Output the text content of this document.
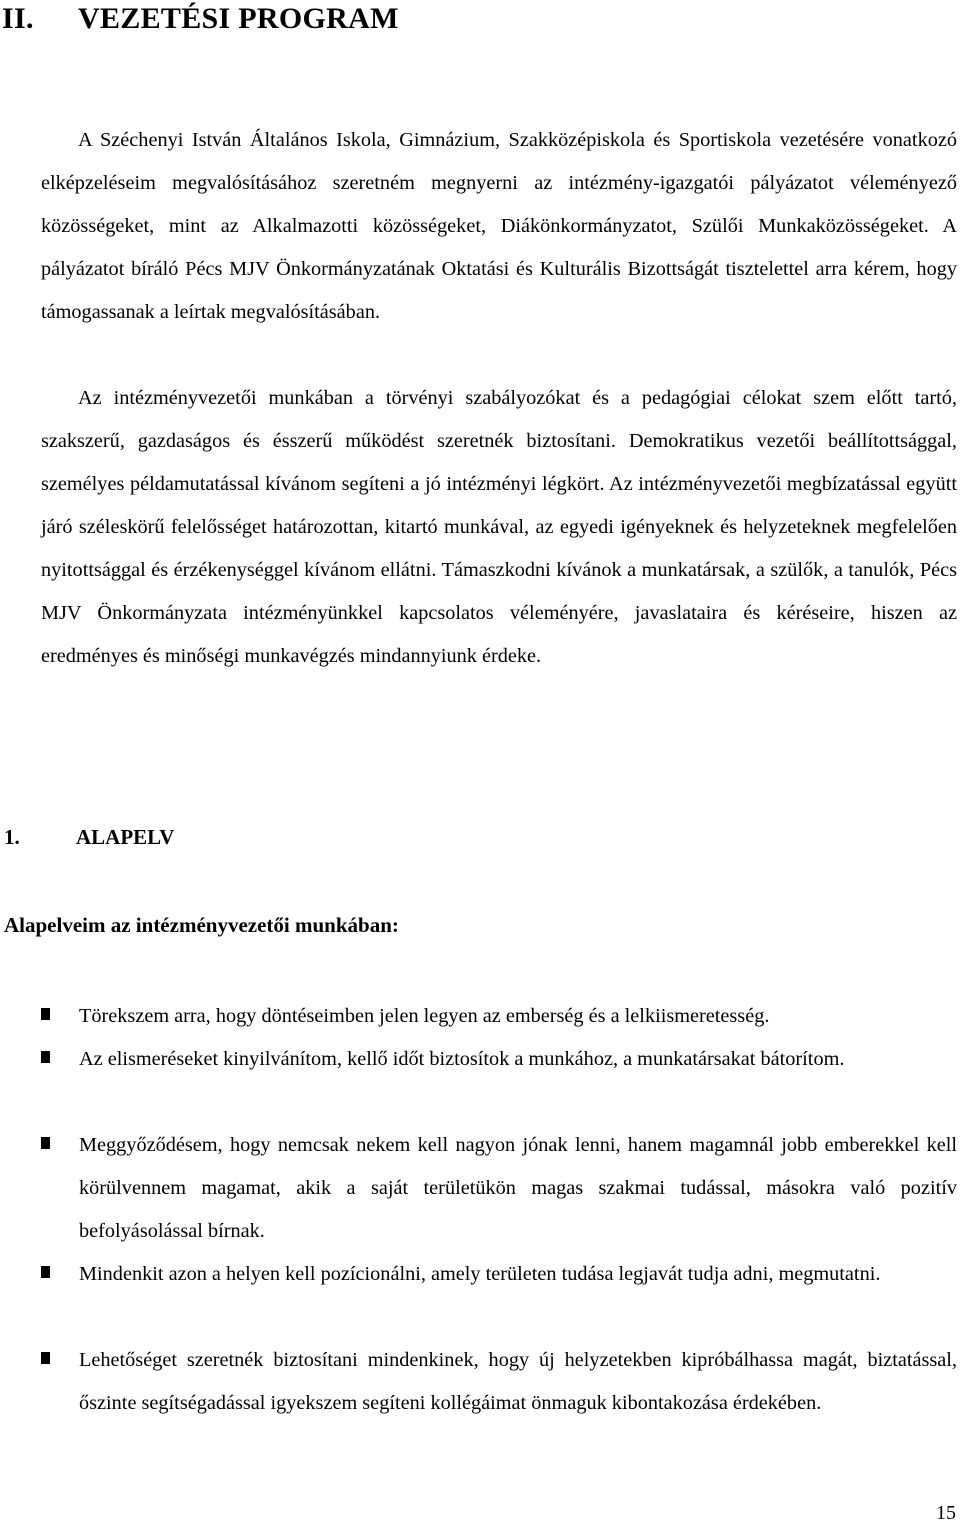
II. VEZETÉSI PROGRAM

A Széchenyi István Általános Iskola, Gimnázium, Szakközépiskola és Sportiskola vezetésére vonatkozó elképzeléseim megvalósításához szeretném megnyerni az intézmény-igazgatói pályázatot véleményező közösségeket, mint az Alkalmazotti közösségeket, Diákönkormányzatot, Szülői Munkaközösségeket. A pályázatot bíráló Pécs MJV Önkormányzatának Oktatási és Kulturális Bizottságát tisztelettel arra kérem, hogy támogassanak a leírtak megvalósításában.

Az intézményvezetői munkában a törvényi szabályozókat és a pedagógiai célokat szem előtt tartó, szakszerű, gazdaságos és ésszerű működést szeretnék biztosítani. Demokratikus vezetői beállítottsággal, személyes példamutatással kívánom segíteni a jó intézményi légkört. Az intézményvezetői megbízatással együtt járó széleskörű felelősséget határozottan, kitartó munkával, az egyedi igényeknek és helyzeteknek megfelelően nyitottsággal és érzékenységgel kívánom ellátni. Támaszkodni kívánok a munkatársak, a szülők, a tanulók, Pécs MJV Önkormányzata intézményünkkel kapcsolatos véleményére, javaslataira és kéréseire, hiszen az eredményes és minőségi munkavégzés mindannyiunk érdeke.

1.	ALAPELV
Alapelveim az intézményvezetői munkában:

Törekszem arra, hogy döntéseimben jelen legyen az emberség és a lelkiismeretesség.

Az elismeréseket kinyilvánítom, kellő időt biztosítok a munkához, a munkatársakat bátorítom.

Meggyőződésem, hogy nemcsak nekem kell nagyon jónak lenni, hanem magamnál jobb emberekkel kell körülvennem magamat, akik a saját területükön magas szakmai tudással, másokra való pozitív befolyásolással bírnak.

Mindenkit azon a helyen kell pozícionálni, amely területen tudása legjavát tudja adni, megmutatni.

Lehetőséget szeretnék biztosítani mindenkinek, hogy új helyzetekben kipróbálhassa magát, biztatással, őszinte segítségadással igyekszem segíteni kollégáimat önmaguk kibontakozása érdekében.

15
